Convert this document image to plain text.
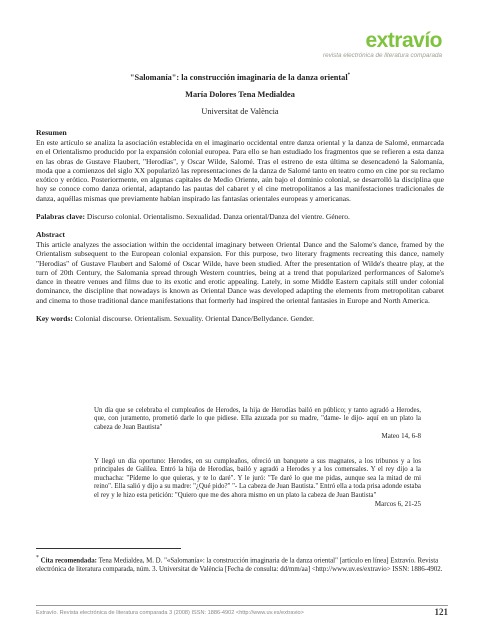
extravío
revista electrónica de literatura comparada
"Salomanía": la construcción imaginaria de la danza oriental*
María Dolores Tena Medialdea
Universitat de València
Resumen
En este artículo se analiza la asociación establecida en el imaginario occidental entre danza oriental y la danza de Salomé, enmarcada en el Orientalismo producido por la expansión colonial europea. Para ello se han estudiado los fragmentos que se refieren a esta danza en las obras de Gustave Flaubert, "Herodías", y Oscar Wilde, Salomé. Tras el estreno de esta última se desencadenó la Salomanía, moda que a comienzos del siglo XX popularizó las representaciones de la danza de Salomé tanto en teatro como en cine por su reclamo exótico y erótico. Posteriormente, en algunas capitales de Medio Oriente, aún bajo el dominio colonial, se desarrolló la disciplina que hoy se conoce como danza oriental, adaptando las pautas del cabaret y el cine metropolitanos a las manifestaciones tradicionales de danza, aquéllas mismas que previamente habían inspirado las fantasías orientales europeas y americanas.
Palabras clave: Discurso colonial. Orientalismo. Sexualidad. Danza oriental/Danza del vientre. Género.
Abstract
This article analyzes the association within the occidental imaginary between Oriental Dance and the Salome's dance, framed by the Orientalism subsequent to the European colonial expansion. For this purpose, two literary fragments recreating this dance, namely "Herodias" of Gustave Flaubert and Salomé of Oscar Wilde, have been studied. After the presentation of Wilde's theatre play, at the turn of 20th Century, the Salomania spread through Western countries, being at a trend that popularized performances of Salome's dance in theatre venues and films due to its exotic and erotic appealing. Lately, in some Middle Eastern capitals still under colonial dominance, the discipline that nowadays is known as Oriental Dance was developed adapting the elements from metropolitan cabaret and cinema to those traditional dance manifestations that formerly had inspired the oriental fantasies in Europe and North America.
Key words: Colonial discourse. Orientalism. Sexuality. Oriental Dance/Bellydance. Gender.
Un día que se celebraba el cumpleaños de Herodes, la hija de Herodías bailó en público; y tanto agradó a Herodes, que, con juramento, prometió darle lo que pidiese. Ella azuzada por su madre, "dame- le dijo- aquí en un plato la cabeza de Juan Bautista"
Mateo 14, 6-8
Y llegó un día oportuno: Herodes, en su cumpleaños, ofreció un banquete a sus magnates, a los tribunos y a los principales de Galilea. Entró la hija de Herodías, bailó y agradó a Herodes y a los comensales. Y el rey dijo a la muchacha: "Pídeme lo que quieras, y te lo daré". Y le juró: "Te daré lo que me pidas, aunque sea la mitad de mi reino". Ella salió y dijo a su madre: "¿Qué pido?" "- La cabeza de Juan Bautista." Entró ella a toda prisa adonde estaba el rey y le hizo esta petición: "Quiero que me des ahora mismo en un plato la cabeza de Juan Bautista"
Marcos 6, 21-25
* Cita recomendada: Tena Medialdea, M. D. "«Salomanía»: la construcción imaginaria de la danza oriental" [artículo en línea] Extravío. Revista electrónica de literatura comparada, núm. 3. Universitat de València [Fecha de consulta: dd/mm/aa] <http://www.uv.es/extravio> ISSN: 1886-4902.
Extravío. Revista electrónica de literatura comparada 3 (2008) ISSN: 1886-4902 <http://www.uv.es/extravio>	121
